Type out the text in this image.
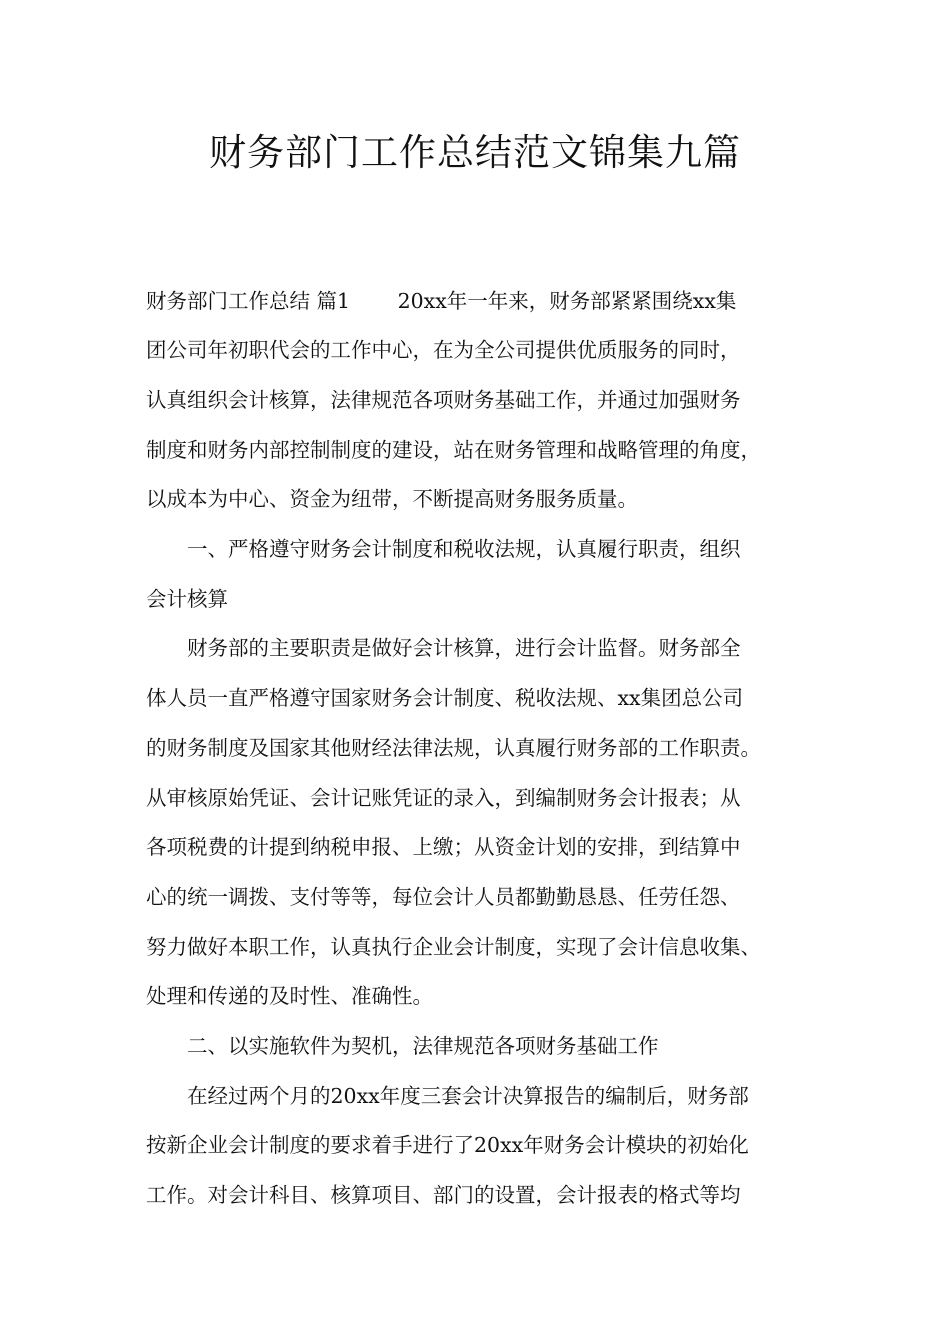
财务部门工作总结范文锦集九篇

财务部门工作总结 篇1　　 20xx年一年来，财务部紧紧围绕xx集

团公司年初职代会的工作中心，在为全公司提供优质服务的同时，

认真组织会计核算，法律规范各项财务基础工作，并通过加强财务

制度和财务内部控制制度的建设，站在财务管理和战略管理的角度，

以成本为中心、资金为纽带，不断提高财务服务质量。

　　一、严格遵守财务会计制度和税收法规，认真履行职责，组织

会计核算

　　财务部的主要职责是做好会计核算，进行会计监督。财务部全

体人员一直严格遵守国家财务会计制度、税收法规、xx集团总公司

的财务制度及国家其他财经法律法规，认真履行财务部的工作职责。

从审核原始凭证、会计记账凭证的录入，到编制财务会计报表；从

各项税费的计提到纳税申报、上缴；从资金计划的安排，到结算中

心的统一调拨、支付等等，每位会计人员都勤勤恳恳、任劳任怨、

努力做好本职工作，认真执行企业会计制度，实现了会计信息收集、

处理和传递的及时性、准确性。

　　二、以实施软件为契机，法律规范各项财务基础工作

　　在经过两个月的20xx年度三套会计决算报告的编制后，财务部

按新企业会计制度的要求着手进行了20xx年财务会计模块的初始化

工作。对会计科目、核算项目、部门的设置，会计报表的格式等均
